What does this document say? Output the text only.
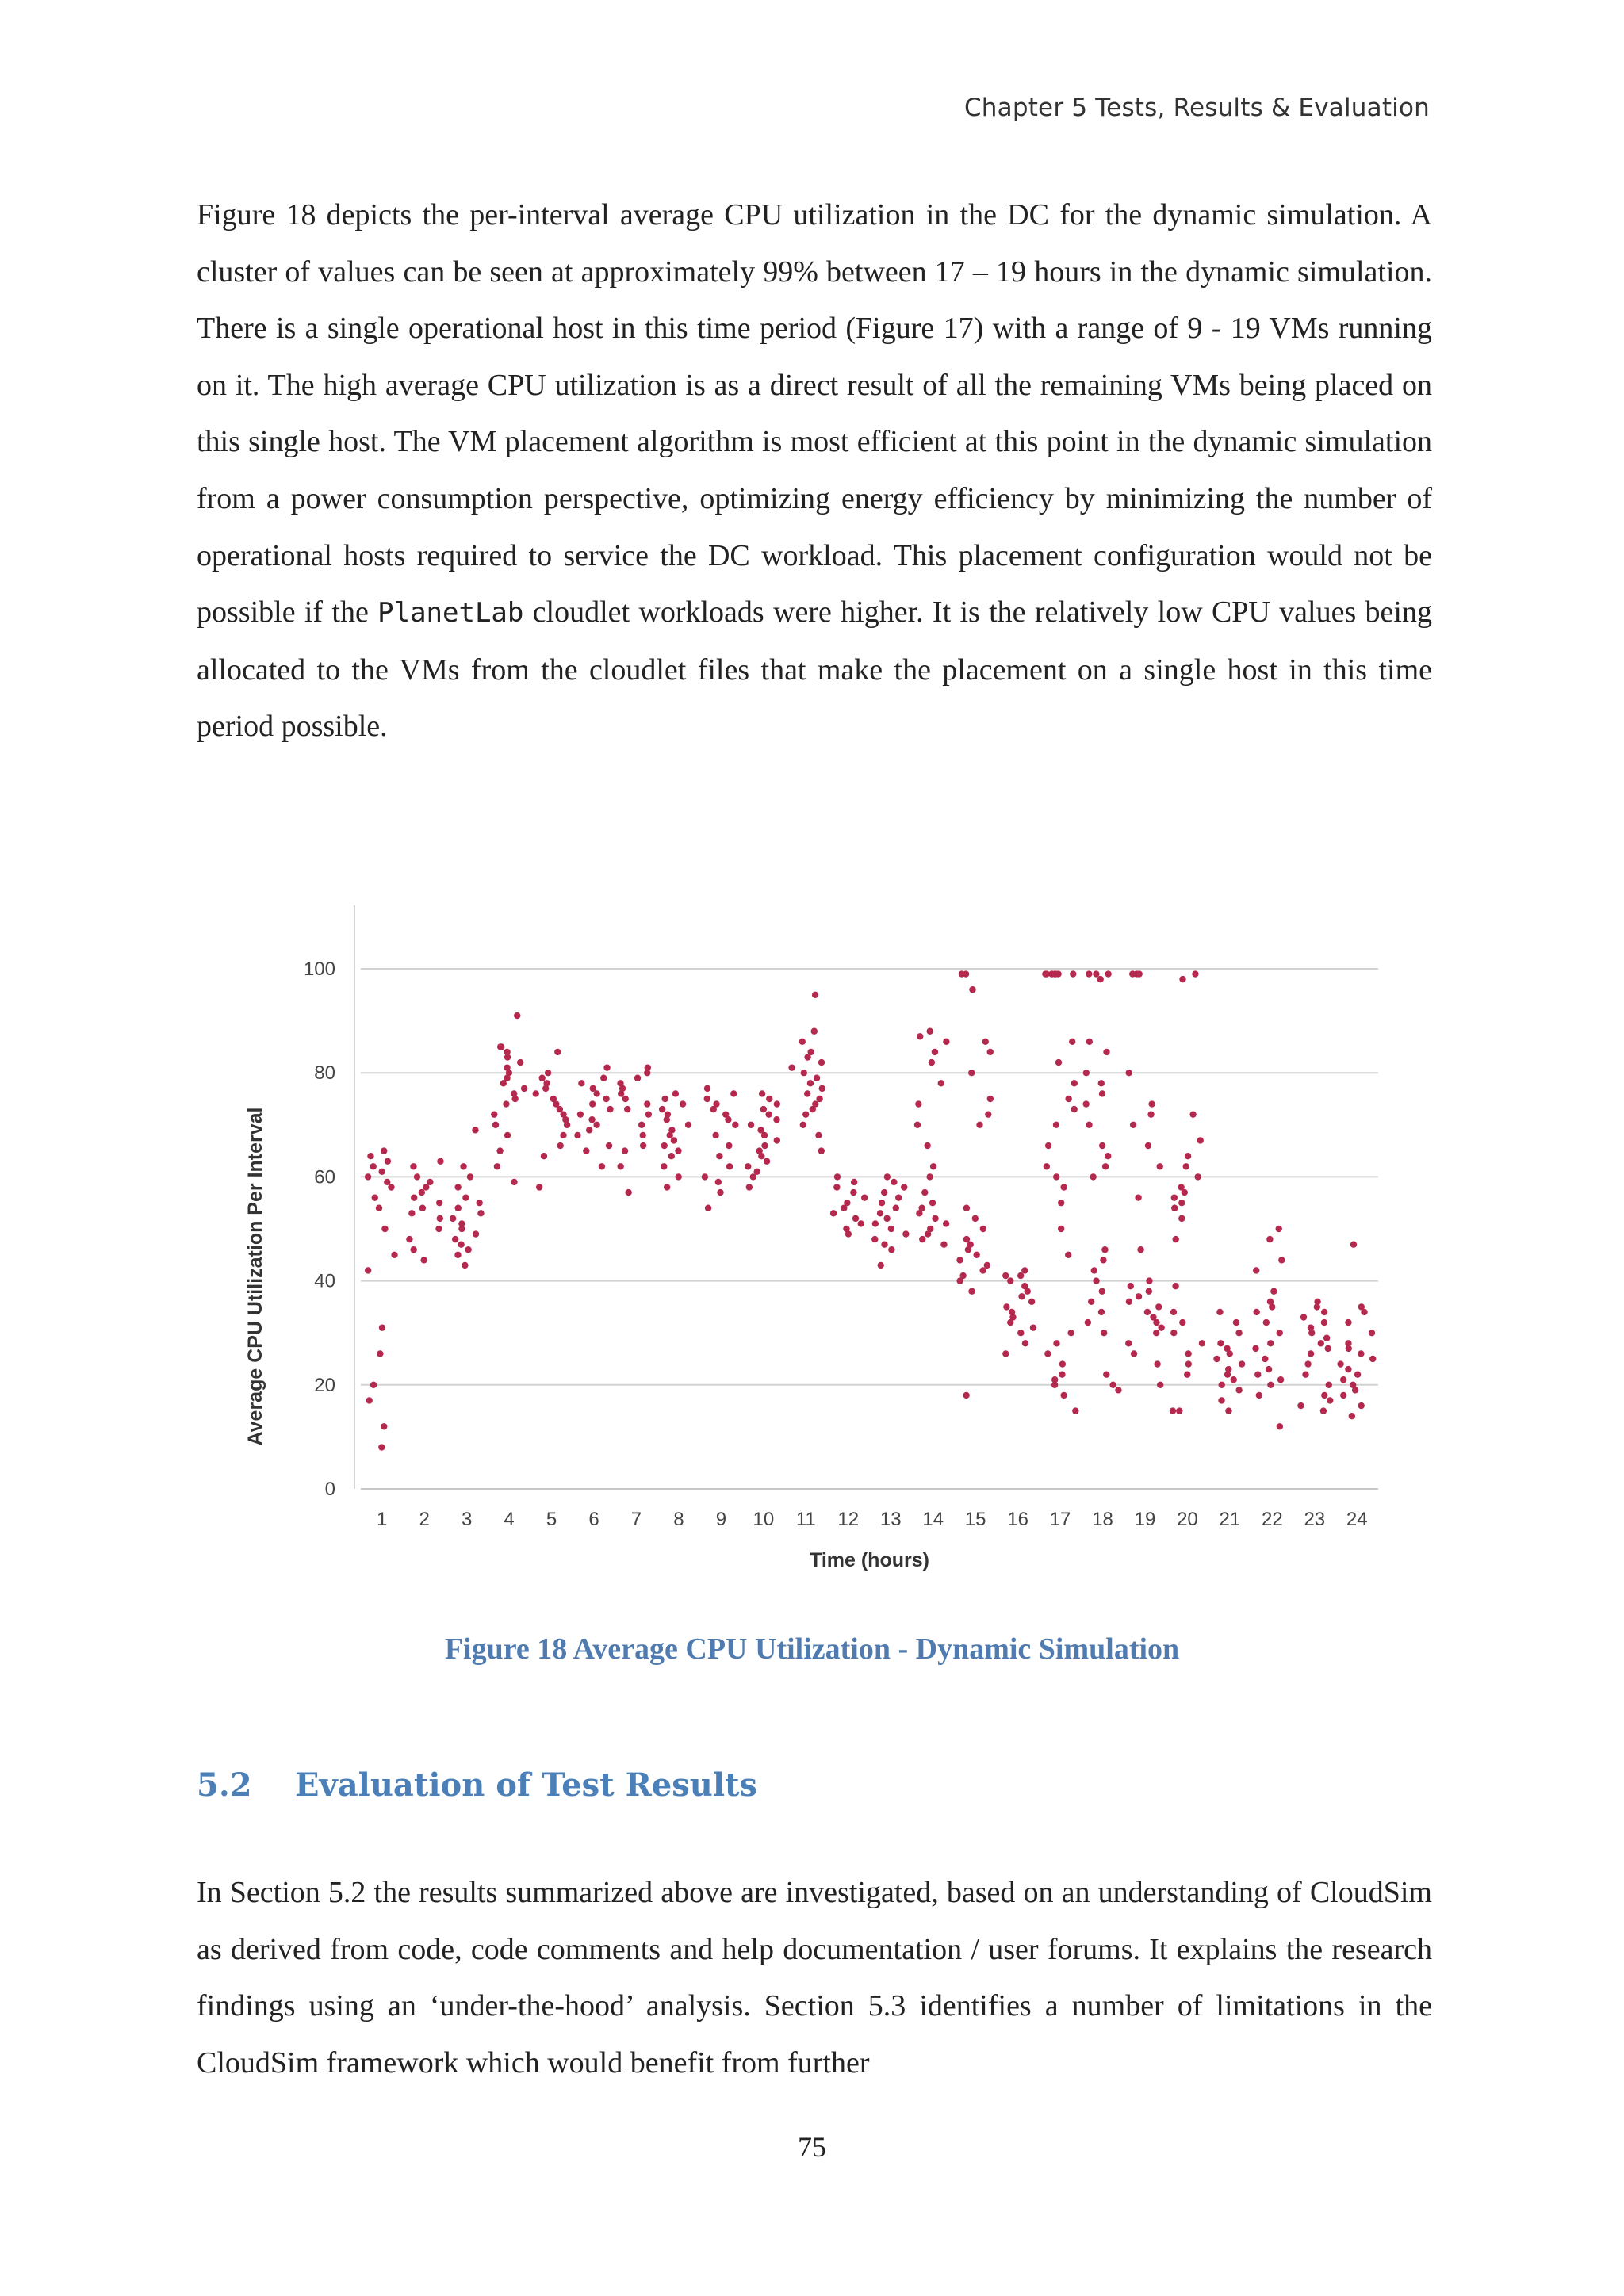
Chapter 5 Tests, Results & Evaluation

Figure 18 depicts the per-interval average CPU utilization in the DC for the dynamic simulation. A cluster of values can be seen at approximately 99% between 17 – 19 hours in the dynamic simulation. There is a single operational host in this time period (Figure 17) with a range of 9 - 19 VMs running on it. The high average CPU utilization is as a direct result of all the remaining VMs being placed on this single host. The VM placement algorithm is most efficient at this point in the dynamic simulation from a power consumption perspective, optimizing energy efficiency by minimizing the number of operational hosts required to service the DC workload. This placement configuration would not be possible if the PlanetLab cloudlet workloads were higher. It is the relatively low CPU values being allocated to the VMs from the cloudlet files that make the placement on a single host in this time period possible.

0
20
40
60
80
100
1 2 3 4 5 6 7 8 9 10 11 12 13 14 15 16 17 18 19 20 21 22 23 24
Time (hours)
Average CPU Utilization Per Interval
Figure 18 Average CPU Utilization - Dynamic Simulation
5.2 Evaluation of Test Results

In Section 5.2 the results summarized above are investigated, based on an understanding of CloudSim as derived from code, code comments and help documentation / user forums. It explains the research findings using an ‘under-the-hood’ analysis. Section 5.3 identifies a number of limitations in the CloudSim framework which would benefit from further

75
